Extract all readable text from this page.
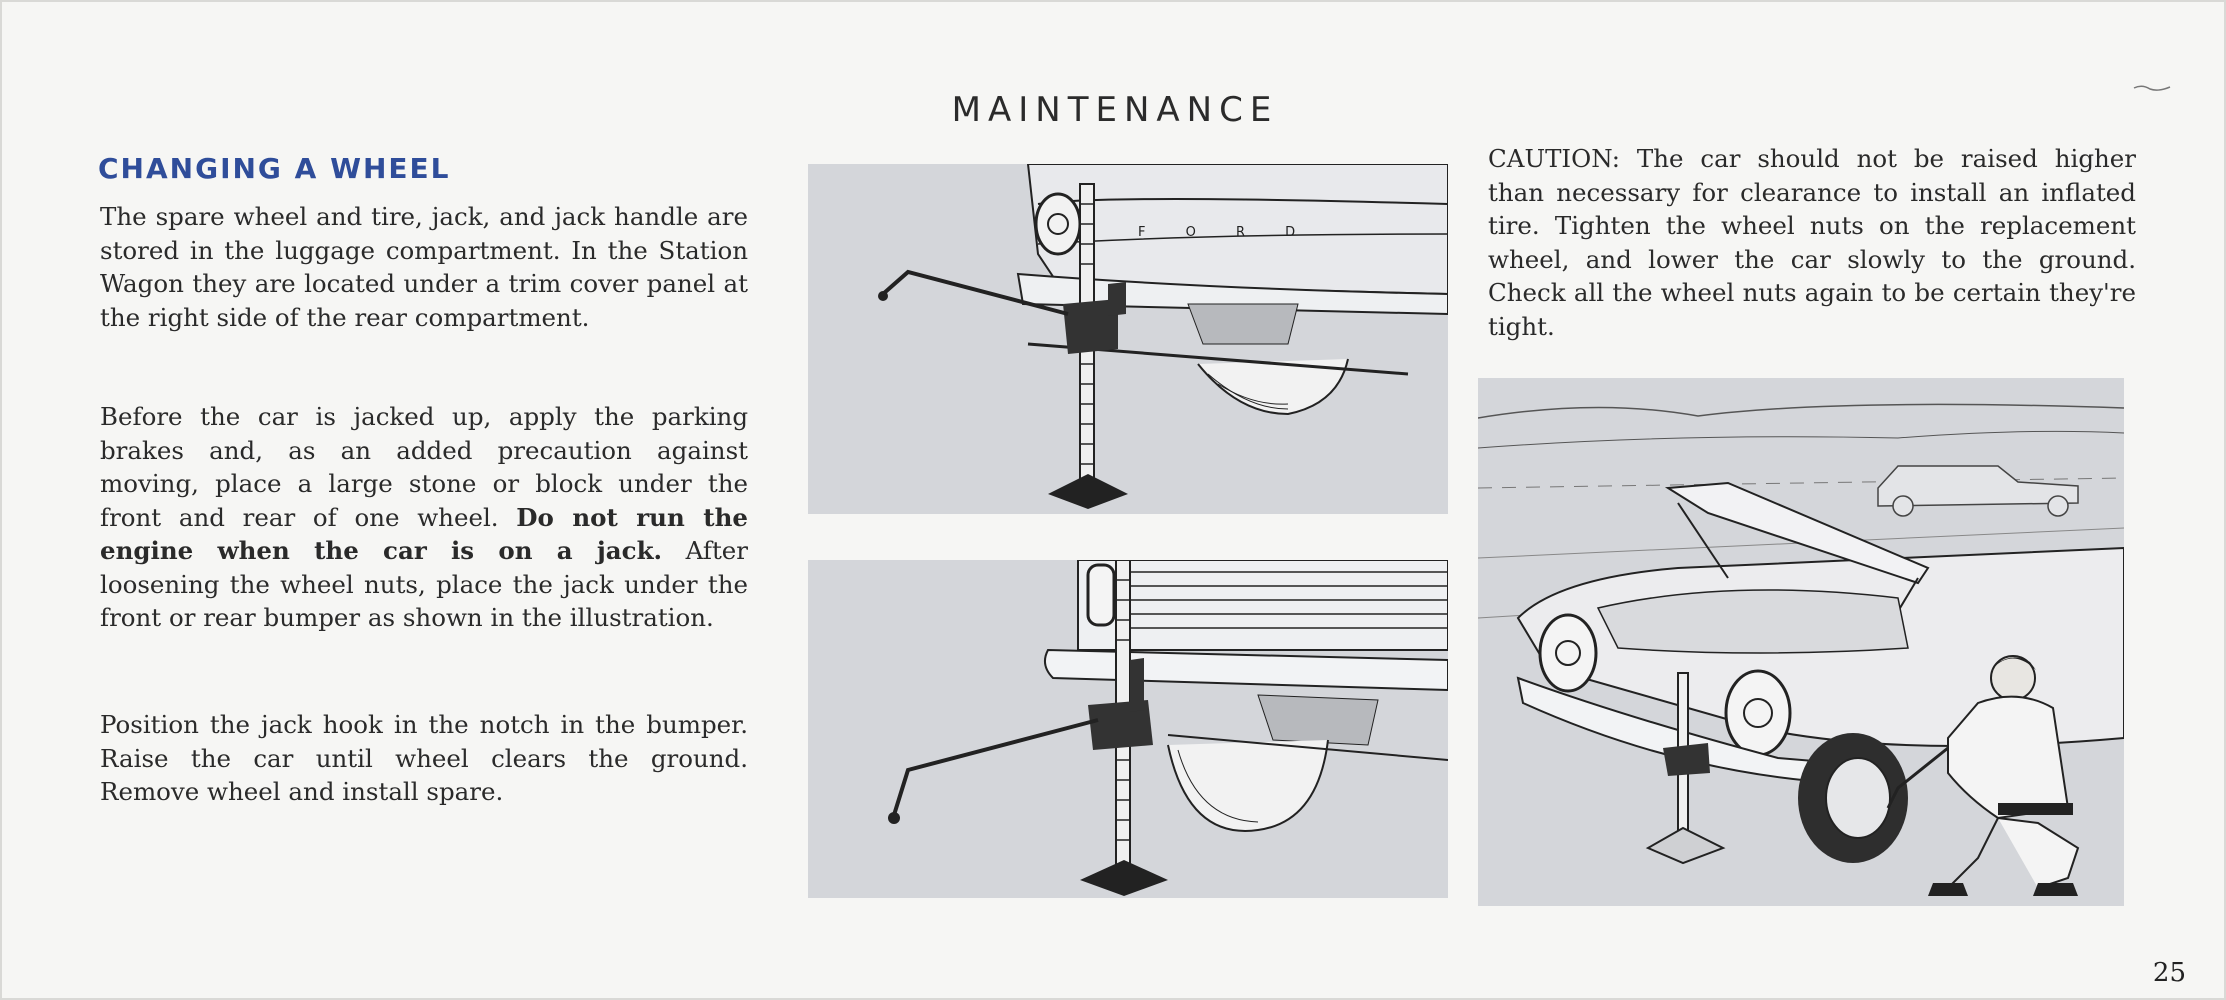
MAINTENANCE
CHANGING A WHEEL
The spare wheel and tire, jack, and jack handle are stored in the luggage compartment. In the Station Wagon they are located under a trim cover panel at the right side of the rear compartment.
Before the car is jacked up, apply the parking brakes and, as an added precaution against moving, place a large stone or block under the front and rear of one wheel. Do not run the engine when the car is on a jack. After loosening the wheel nuts, place the jack under the front or rear bumper as shown in the illustration.
Position the jack hook in the notch in the bumper. Raise the car until wheel clears the ground. Remove wheel and install spare.
CAUTION: The car should not be raised higher than necessary for clearance to install an inflated tire. Tighten the wheel nuts on the replacement wheel, and lower the car slowly to the ground. Check all the wheel nuts again to be certain they're tight.
F O R D
25
